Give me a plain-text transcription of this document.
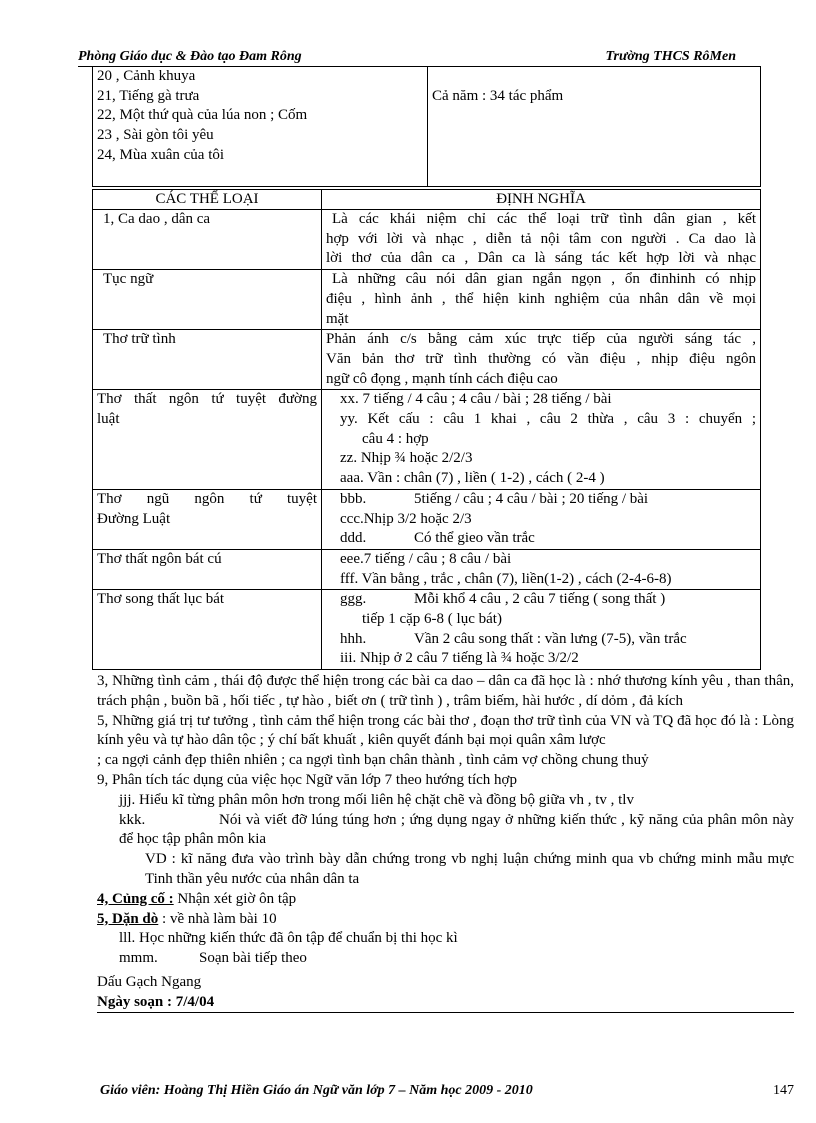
Phòng Giáo dục & Đào tạo Đam Rông	Trường THCS RôMen
20 , Cảnh khuya
21, Tiếng gà trưa
22, Một thứ quà của lúa non ; Cốm
23 , Sài gòn tôi yêu
24, Mùa xuân của tôi
	Cả năm : 34 tác phẩm
CÁC THỂ LOẠI	ĐỊNH NGHĨA

1, Ca dao , dân ca	Là các khái niệm chỉ các thể loại trữ tình dân gian , kết
hợp với lời và nhạc , diễn tả nội tâm con người . Ca dao là
lời thơ của dân ca , Dân ca là sáng tác kết hợp lời và nhạc

Tục ngữ	Là những câu nói dân gian ngắn ngọn , ổn đinhinh có nhịp
điệu , hình ảnh , thể hiện kinh nghiệm của nhân dân về mọi
mặt

Thơ trữ tình	Phản ánh c/s bằng cảm xúc trực tiếp của người sáng tác ,
Văn bản thơ trữ tình thường có vần điệu , nhịp điệu ngôn
ngữ cô đọng , mạnh tính cách điệu cao

Thơ thất ngôn tứ tuyệt đường
luật	xx. 7 tiếng / 4 câu ; 4 câu / bài ; 28 tiếng / bài
yy. Kết cấu : câu 1 khai , câu 2 thừa , câu 3 : chuyển ;
câu 4 : hợp
zz. Nhịp ¾ hoặc 2/2/3
aaa. Vần : chân (7) , liền ( 1-2) , cách ( 2-4 )

Thơ ngũ ngôn tứ tuyệt
Đường Luật	bbb. 5tiếng / câu ; 4 câu / bài ; 20 tiếng / bài
ccc.Nhịp 3/2 hoặc 2/3
ddd. Có thể gieo vần trắc

Thơ thất ngôn bát cú	eee.7 tiếng / câu ; 8 câu / bài
fff. Vần bằng , trắc , chân (7), liền(1-2) , cách (2-4-6-8)

Thơ song thất lục bát	ggg. Mỗi khổ 4 câu , 2 câu 7 tiếng ( song thất )
tiếp 1 cặp 6-8 ( lục bát)
hhh. Vần 2 câu song thất : vần lưng (7-5), vần trắc
iii. Nhịp ở 2 câu 7 tiếng là ¾ hoặc 3/2/2
3, Những tình cảm , thái độ được thể hiện trong các bài ca dao – dân ca đã học là : nhớ thương kính yêu , than thân, trách phận , buồn bã , hối tiếc , tự hào , biết ơn ( trữ tình ) , trâm biếm, hài hước , dí dỏm , đả kích
5, Những giá trị tư tưởng , tình cảm thể hiện trong các bài thơ , đoạn thơ trữ tình của VN và TQ đã học đó là : Lòng kính yêu và tự hào dân tộc ; ý chí bất khuất , kiên quyết đánh bại mọi quân xâm lược
; ca ngợi cảnh đẹp thiên nhiên ; ca ngợi tình bạn chân thành , tình cảm vợ chồng chung thuỷ
9, Phân tích tác dụng của việc học Ngữ văn lớp 7 theo hướng tích hợp
jjj. Hiểu kĩ từng phân môn hơn trong mối liên hệ chặt chẽ và đồng bộ giữa vh , tv , tlv
kkk.	Nói và viết đỡ lúng túng hơn ; ứng dụng ngay ở những kiến thức , kỹ năng của phân môn này để học tập phân môn kia
VD : kĩ năng đưa vào trình bày dẫn chứng trong vb nghị luận chứng minh qua vb chứng minh mẫu mực Tinh thần yêu nước của nhân dân ta
4, Củng cố : Nhận xét giờ ôn tập
5, Dặn dò : về nhà làm bài 10
lll. Học những kiến thức đã ôn tập để chuẩn bị thi học kì
mmm.	Soạn bài tiếp theo
Dấu Gạch Ngang
Ngày soạn : 7/4/04
Giáo viên: Hoàng Thị Hiền Giáo án Ngữ văn lớp 7 – Năm học 2009 - 2010	147
